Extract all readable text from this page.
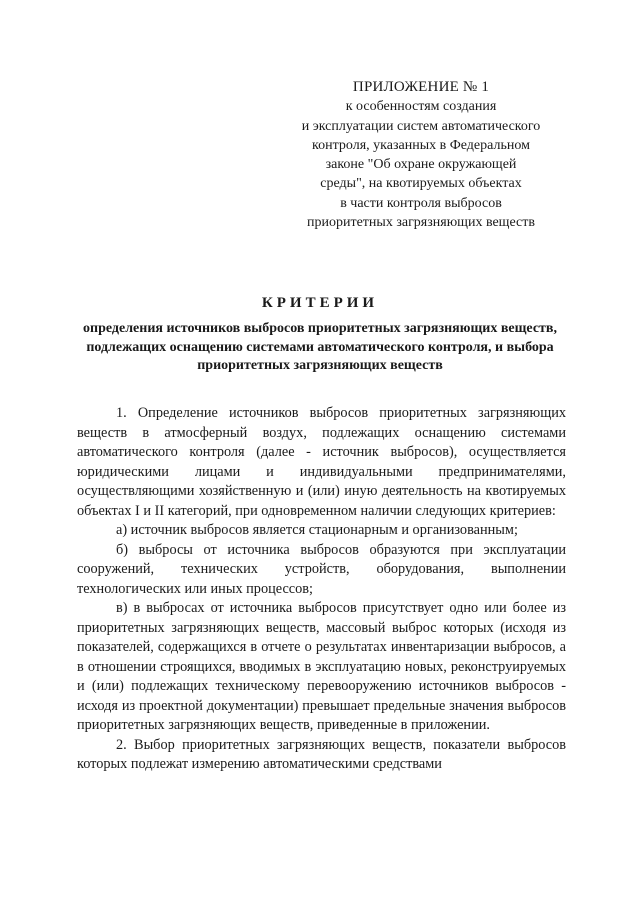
ПРИЛОЖЕНИЕ № 1
к особенностям создания
и эксплуатации систем автоматического
контроля, указанных в Федеральном
законе "Об охране окружающей
среды", на квотируемых объектах
в части контроля выбросов
приоритетных загрязняющих веществ
КРИТЕРИИ
определения источников выбросов приоритетных загрязняющих веществ, подлежащих оснащению системами автоматического контроля, и выбора приоритетных загрязняющих веществ

1. Определение источников выбросов приоритетных загрязняющих веществ в атмосферный воздух, подлежащих оснащению системами автоматического контроля (далее - источник выбросов), осуществляется юридическими лицами и индивидуальными предпринимателями, осуществляющими хозяйственную и (или) иную деятельность на квотируемых объектах I и II категорий, при одновременном наличии следующих критериев:

а) источник выбросов является стационарным и организованным;

б) выбросы от источника выбросов образуются при эксплуатации сооружений, технических устройств, оборудования, выполнении технологических или иных процессов;

в) в выбросах от источника выбросов присутствует одно или более из приоритетных загрязняющих веществ, массовый выброс которых (исходя из показателей, содержащихся в отчете о результатах инвентаризации выбросов, а в отношении строящихся, вводимых в эксплуатацию новых, реконструируемых и (или) подлежащих техническому перевооружению источников выбросов - исходя из проектной документации) превышает предельные значения выбросов приоритетных загрязняющих веществ, приведенные в приложении.

2. Выбор приоритетных загрязняющих веществ, показатели выбросов которых подлежат измерению автоматическими средствами
